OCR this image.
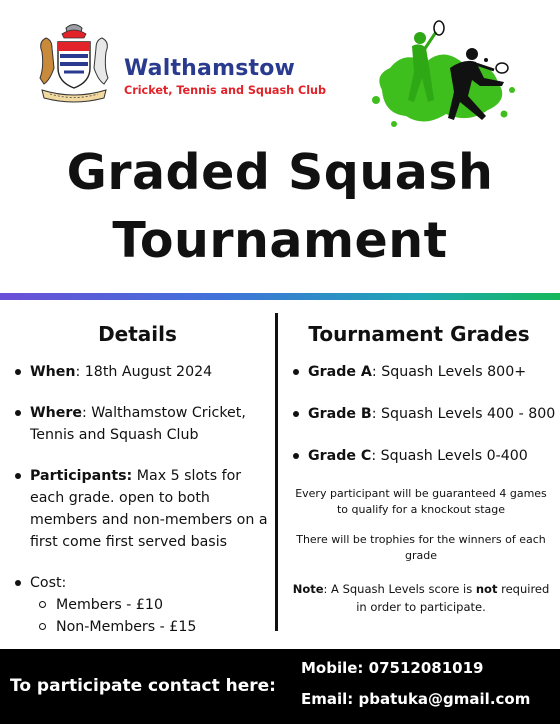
Walthamstow
Cricket, Tennis and Squash Club
Graded Squash
Tournament
Details	Tournament Grades
When: 18th August 2024
Where: Walthamstow Cricket, Tennis and Squash Club
Participants: Max 5 slots for each grade. open to both members and non-members on a first come first served basis
Cost:
Members - £10
Non-Members - £15
Grade A: Squash Levels 800+
Grade B: Squash Levels 400 - 800
Grade C: Squash Levels 0-400
Every participant will be guaranteed 4 games to qualify for a knockout stage
There will be trophies for the winners of each grade
Note: A Squash Levels score is not required in order to participate.
To participate contact here:
Mobile: 07512081019
Email: pbatuka@gmail.com
